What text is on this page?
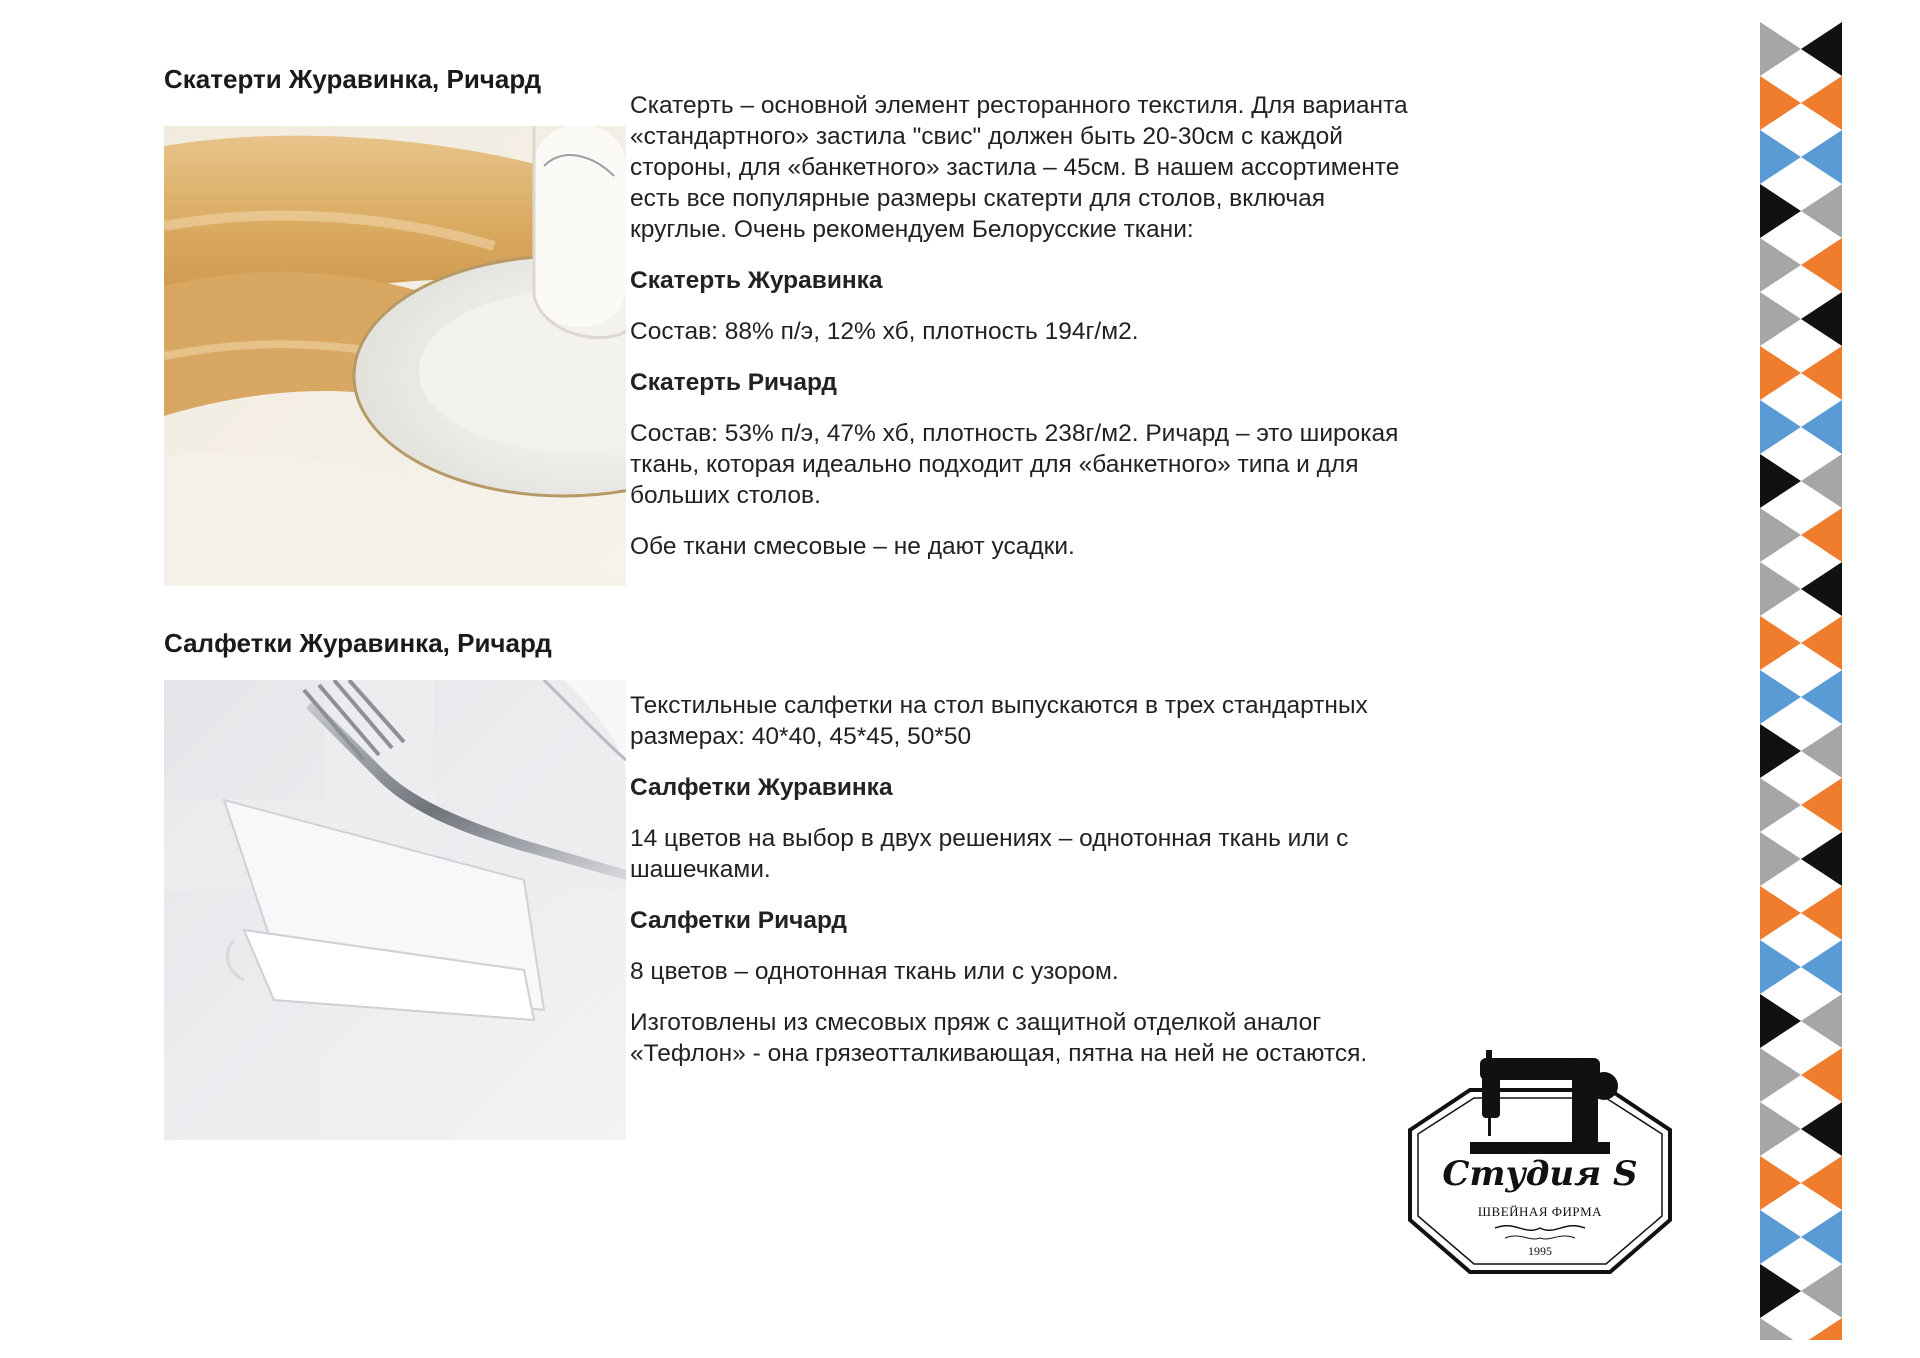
Скатерти Журавинка, Ричард

Скатерть – основной элемент ресторанного текстиля. Для варианта «стандартного» застила "свис" должен быть 20-30см с каждой стороны, для «банкетного» застила – 45см. В нашем ассортименте есть все популярные размеры скатерти для столов, включая круглые. Очень рекомендуем Белорусские ткани:

Скатерть Журавинка

Состав: 88% п/э, 12% хб, плотность 194г/м2.

Скатерть Ричард

Состав: 53% п/э, 47% хб, плотность 238г/м2. Ричард – это широкая ткань, которая идеально подходит для «банкетного» типа и для больших столов.

Обе ткани смесовые – не дают усадки.

Салфетки Журавинка, Ричард

Текстильные салфетки на стол выпускаются в трех стандартных размерах: 40*40, 45*45, 50*50

Салфетки Журавинка

14 цветов на выбор в двух решениях – однотонная ткань или с шашечками.

Салфетки Ричард

8 цветов – однотонная ткань или с узором.

Изготовлены из смесовых пряж с защитной отделкой аналог «Тефлон» - она грязеотталкивающая, пятна на ней не остаются.

Студия S
ШВЕЙНАЯ ФИРМА
1995
